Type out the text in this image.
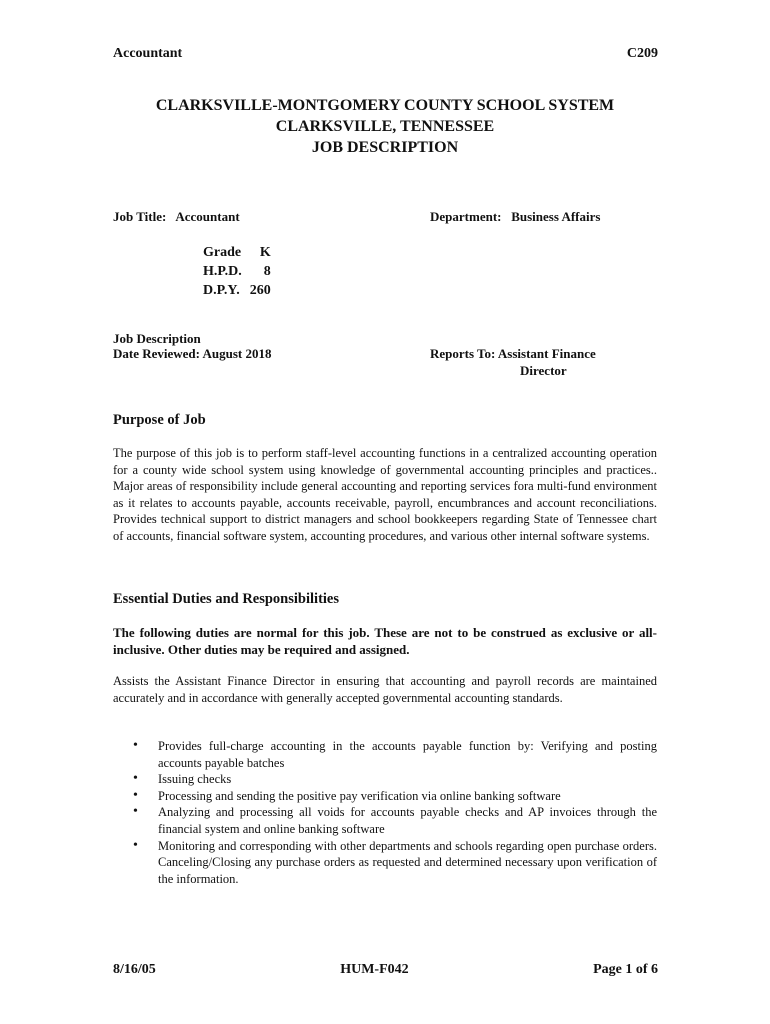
Accountant	C209
CLARKSVILLE-MONTGOMERY COUNTY SCHOOL SYSTEM
CLARKSVILLE, TENNESSEE
JOB DESCRIPTION
Job Title:   Accountant	Department:   Business Affairs
Grade	K
H.P.D.	8
D.P.Y.	260
Job Description
Date Reviewed: August 2018	Reports To: Assistant Finance
Director
Purpose of Job
The purpose of this job is to perform staff-level accounting functions in a centralized accounting operation for a county wide school system using knowledge of governmental accounting principles and practices.. Major areas of responsibility include general accounting and reporting services fora multi-fund environment as it relates to accounts payable, accounts receivable, payroll, encumbrances and account reconciliations. Provides technical support to district managers and school bookkeepers regarding State of Tennessee chart of accounts, financial software system, accounting procedures, and various other internal software systems.
Essential Duties and Responsibilities
The following duties are normal for this job. These are not to be construed as exclusive or all-inclusive. Other duties may be required and assigned.
Assists the Assistant Finance Director in ensuring that accounting and payroll records are maintained accurately and in accordance with generally accepted governmental accounting standards.
• Provides full-charge accounting in the accounts payable function by: Verifying and posting accounts payable batches
• Issuing checks
• Processing and sending the positive pay verification via online banking software
• Analyzing and processing all voids for accounts payable checks and AP invoices through the financial system and online banking software
• Monitoring and corresponding with other departments and schools regarding open purchase orders. Canceling/Closing any purchase orders as requested and determined necessary upon verification of the information.
8/16/05	HUM-F042	Page 1 of 6
